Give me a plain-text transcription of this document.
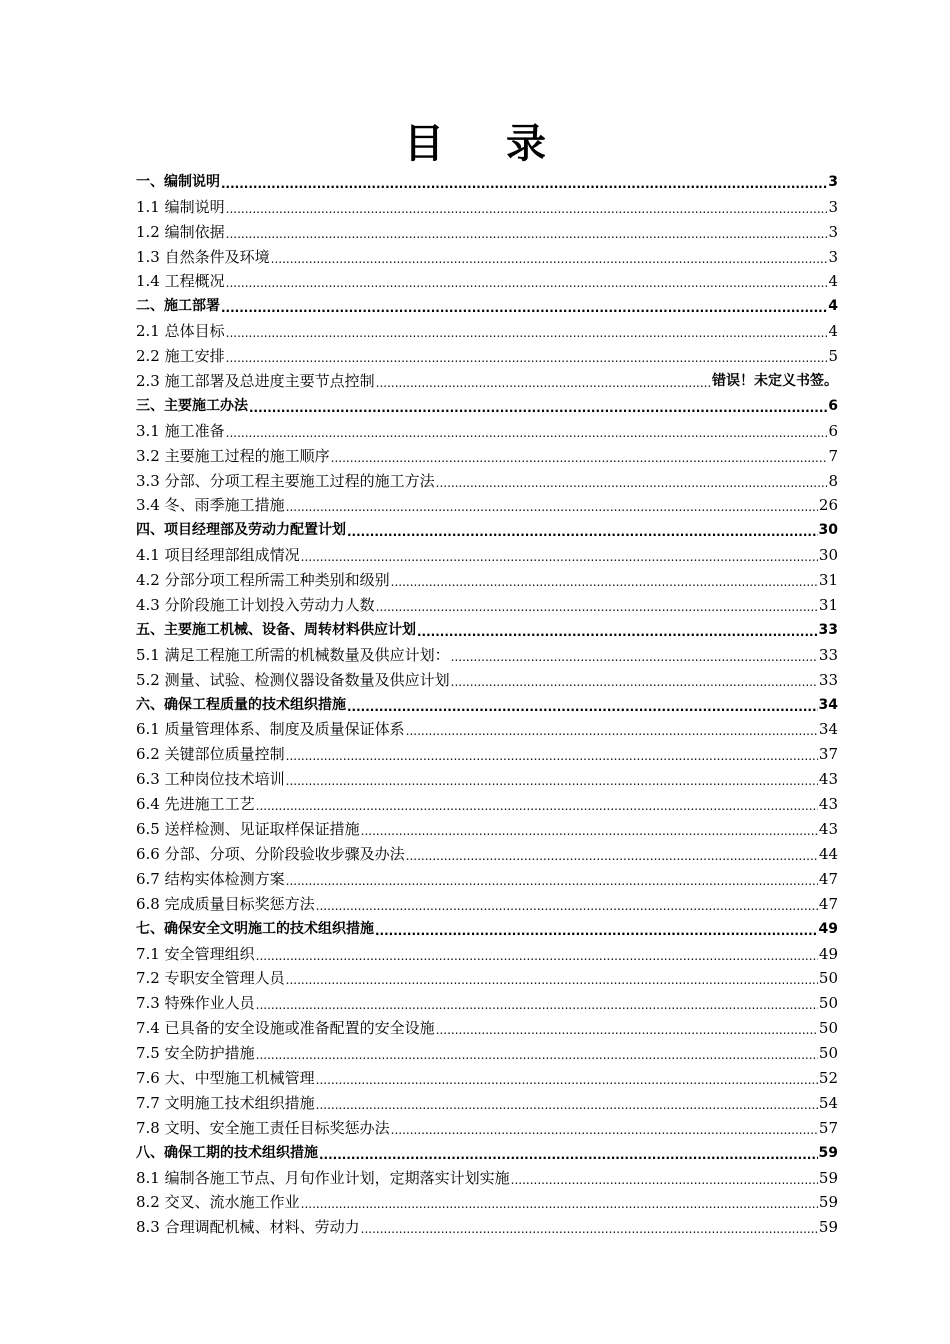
目 录
一、编制说明 .....	3
1.1 编制说明 .....	3
1.2 编制依据 .....	3
1.3 自然条件及环境 .....	3
1.4 工程概况 .....	4
二、施工部署 .....	4
2.1 总体目标 .....	4
2.2 施工安排 .....	5
2.3 施工部署及总进度主要节点控制 .....	错误！未定义书签。
三、主要施工办法 .....	6
3.1 施工准备 .....	6
3.2 主要施工过程的施工顺序 .....	7
3.3 分部、分项工程主要施工过程的施工方法 .....	8
3.4 冬、雨季施工措施 .....	26
四、项目经理部及劳动力配置计划 .....	30
4.1 项目经理部组成情况 .....	30
4.2 分部分项工程所需工种类别和级别 .....	31
4.3 分阶段施工计划投入劳动力人数 .....	31
五、主要施工机械、设备、周转材料供应计划 .....	33
5.1 满足工程施工所需的机械数量及供应计划： .....	33
5.2 测量、试验、检测仪器设备数量及供应计划 .....	33
六、确保工程质量的技术组织措施 .....	34
6.1 质量管理体系、制度及质量保证体系 .....	34
6.2 关键部位质量控制 .....	37
6.3 工种岗位技术培训 .....	43
6.4 先进施工工艺 .....	43
6.5 送样检测、见证取样保证措施 .....	43
6.6 分部、分项、分阶段验收步骤及办法 .....	44
6.7 结构实体检测方案 .....	47
6.8 完成质量目标奖惩方法 .....	47
七、确保安全文明施工的技术组织措施 .....	49
7.1 安全管理组织 .....	49
7.2 专职安全管理人员 .....	50
7.3 特殊作业人员 .....	50
7.4 已具备的安全设施或准备配置的安全设施 .....	50
7.5 安全防护措施 .....	50
7.6 大、中型施工机械管理 .....	52
7.7 文明施工技术组织措施 .....	54
7.8 文明、安全施工责任目标奖惩办法 .....	57
八、确保工期的技术组织措施 .....	59
8.1 编制各施工节点、月旬作业计划，定期落实计划实施 .....	59
8.2 交叉、流水施工作业 .....	59
8.3 合理调配机械、材料、劳动力 .....	59
